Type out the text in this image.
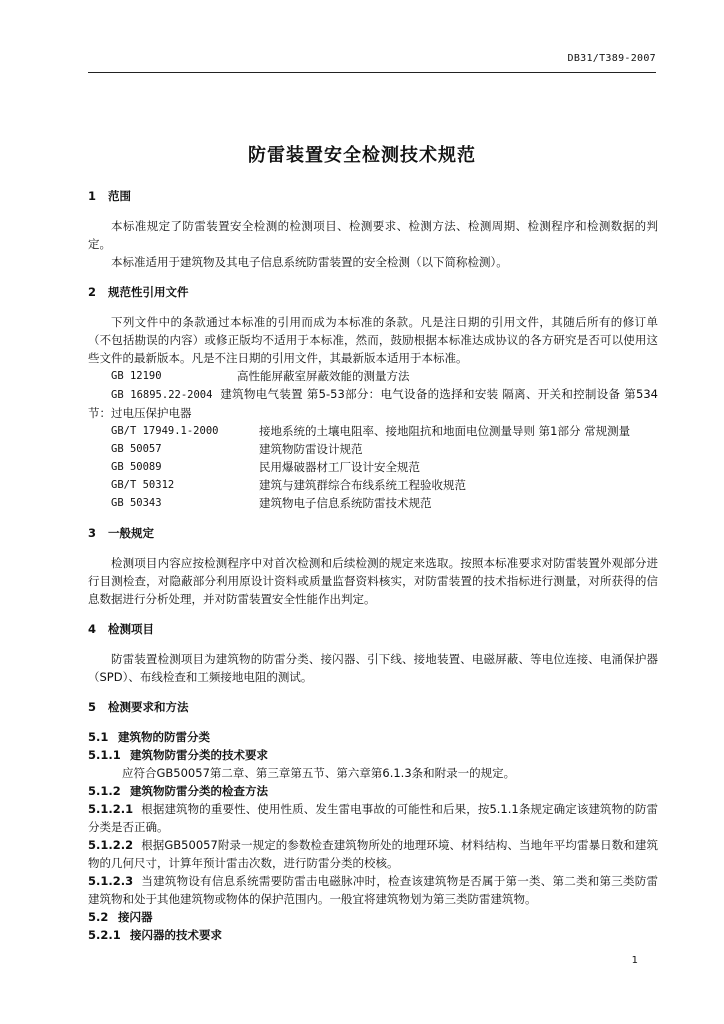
DB31/T389-2007
防雷装置安全检测技术规范

1 范围

本标准规定了防雷装置安全检测的检测项目、检测要求、检测方法、检测周期、检测程序和检测数据的判定。

本标准适用于建筑物及其电子信息系统防雷装置的安全检测（以下简称检测）。

2 规范性引用文件

下列文件中的条款通过本标准的引用而成为本标准的条款。凡是注日期的引用文件，其随后所有的修订单（不包括勘误的内容）或修正版均不适用于本标准，然而，鼓励根据本标准达成协议的各方研究是否可以使用这些文件的最新版本。凡是不注日期的引用文件，其最新版本适用于本标准。

GB 12190	高性能屏蔽室屏蔽效能的测量方法
GB 16895.22-2004 建筑物电气装置 第5-53部分：电气设备的选择和安装 隔离、开关和控制设备 第534节：过电压保护电器
GB/T 17949.1-2000	接地系统的土壤电阻率、接地阻抗和地面电位测量导则 第1部分 常规测量
GB 50057	建筑物防雷设计规范
GB 50089	民用爆破器材工厂设计安全规范
GB/T 50312	建筑与建筑群综合布线系统工程验收规范
GB 50343	建筑物电子信息系统防雷技术规范

3 一般规定

检测项目内容应按检测程序中对首次检测和后续检测的规定来选取。按照本标准要求对防雷装置外观部分进行目测检查，对隐蔽部分利用原设计资料或质量监督资料核实，对防雷装置的技术指标进行测量，对所获得的信息数据进行分析处理，并对防雷装置安全性能作出判定。

4 检测项目

防雷装置检测项目为建筑物的防雷分类、接闪器、引下线、接地装置、电磁屏蔽、等电位连接、电涌保护器（SPD）、布线检查和工频接地电阻的测试。

5 检测要求和方法

5.1 建筑物的防雷分类
5.1.1 建筑物防雷分类的技术要求

应符合GB50057第二章、第三章第五节、第六章第6.1.3条和附录一的规定。

5.1.2 建筑物防雷分类的检查方法

5.1.2.1 根据建筑物的重要性、使用性质、发生雷电事故的可能性和后果，按5.1.1条规定确定该建筑物的防雷分类是否正确。

5.1.2.2 根据GB50057附录一规定的参数检查建筑物所处的地理环境、材料结构、当地年平均雷暴日数和建筑物的几何尺寸，计算年预计雷击次数，进行防雷分类的校核。

5.1.2.3 当建筑物设有信息系统需要防雷击电磁脉冲时，检查该建筑物是否属于第一类、第二类和第三类防雷建筑物和处于其他建筑物或物体的保护范围内。一般宜将建筑物划为第三类防雷建筑物。

5.2 接闪器
5.2.1 接闪器的技术要求
1
